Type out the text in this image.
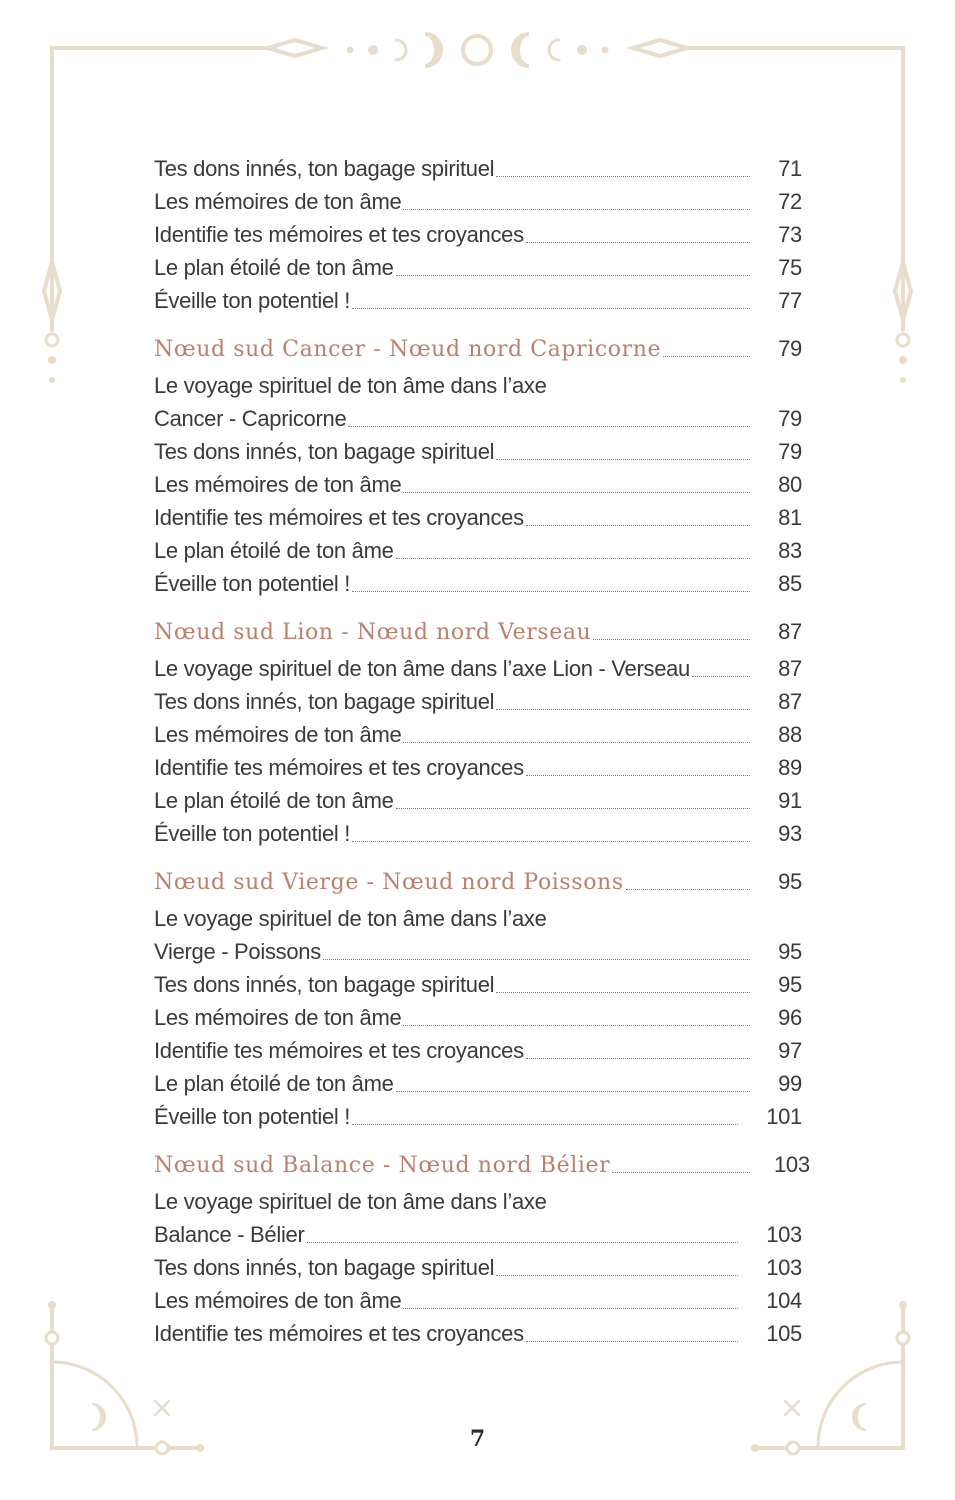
Tes dons innés, ton bagage spirituel	71
Les mémoires de ton âme	72
Identifie tes mémoires et tes croyances	73
Le plan étoilé de ton âme	75
Éveille ton potentiel !	77
Nœud sud Cancer - Nœud nord Capricorne	79
Le voyage spirituel de ton âme dans l’axe
Cancer - Capricorne	79
Tes dons innés, ton bagage spirituel	79
Les mémoires de ton âme	80
Identifie tes mémoires et tes croyances	81
Le plan étoilé de ton âme	83
Éveille ton potentiel !	85
Nœud sud Lion - Nœud nord Verseau	87
Le voyage spirituel de ton âme dans l’axe Lion - Verseau	87
Tes dons innés, ton bagage spirituel	87
Les mémoires de ton âme	88
Identifie tes mémoires et tes croyances	89
Le plan étoilé de ton âme	91
Éveille ton potentiel !	93
Nœud sud Vierge - Nœud nord Poissons	95
Le voyage spirituel de ton âme dans l’axe
Vierge - Poissons	95
Tes dons innés, ton bagage spirituel	95
Les mémoires de ton âme	96
Identifie tes mémoires et tes croyances	97
Le plan étoilé de ton âme	99
Éveille ton potentiel !	101
Nœud sud Balance - Nœud nord Bélier	103
Le voyage spirituel de ton âme dans l’axe
Balance - Bélier	103
Tes dons innés, ton bagage spirituel	103
Les mémoires de ton âme	104
Identifie tes mémoires et tes croyances	105
7
